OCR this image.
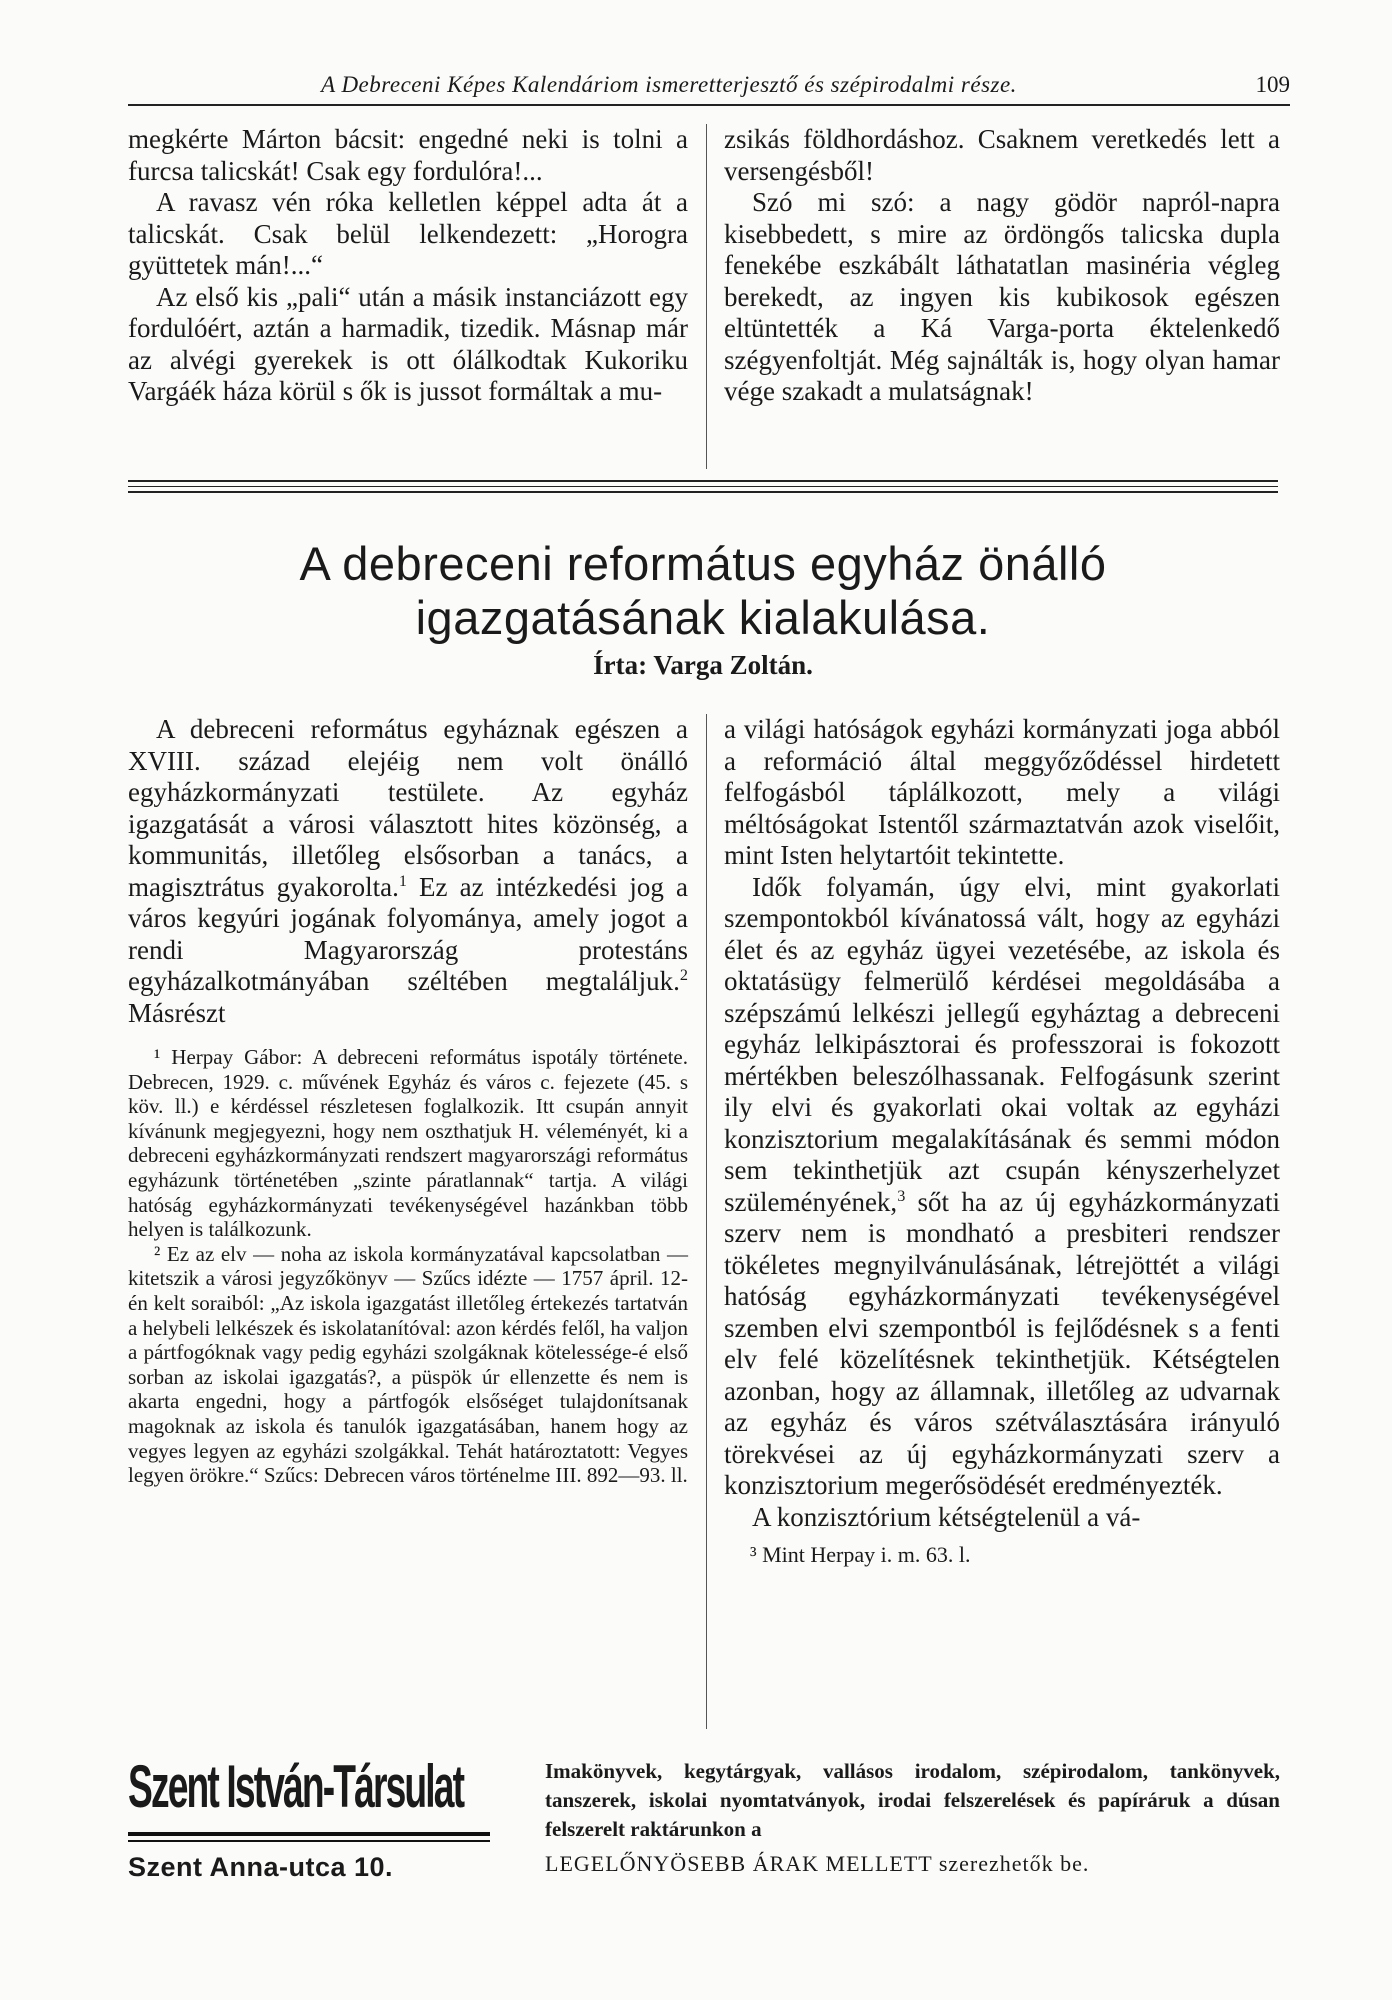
A Debreceni Képes Kalendáriom ismeretterjesztő és szépirodalmi része.	109

megkérte Márton bácsit: engedné neki is tolni a furcsa talicskát! Csak egy fordulóra!...

A ravasz vén róka kelletlen képpel adta át a talicskát. Csak belül lelkendezett: „Horogra gyüttetek mán!...“

Az első kis „pali“ után a másik instanciázott egy fordulóért, aztán a harmadik, tizedik. Másnap már az alvégi gyerekek is ott ólálkodtak Kukoriku Vargáék háza körül s ők is jussot formáltak a mu-

zsikás földhordáshoz. Csaknem veretkedés lett a versengésből!

Szó mi szó: a nagy gödör napról-napra kisebbedett, s mire az ördöngős talicska dupla fenekébe eszkábált láthatatlan masinéria végleg berekedt, az ingyen kis kubikosok egészen eltüntették a Ká Varga-porta éktelenkedő szégyenfoltját. Még sajnálták is, hogy olyan hamar vége szakadt a mulatságnak!

A debreceni református egyház önálló
igazgatásának kialakulása.
Írta: Varga Zoltán.

A debreceni református egyháznak egészen a XVIII. század elejéig nem volt önálló egyházkormányzati testülete. Az egyház igazgatását a városi választott hites közönség, a kommunitás, illetőleg elsősorban a tanács, a magisztrátus gyakorolta.$^1$ Ez az intézkedési jog a város kegyúri jogának folyománya, amely jogot a rendi Magyarország protestáns egyházalkotmányában széltében megtaláljuk.$^2$ Másrészt

¹ Herpay Gábor: A debreceni református ispotály története. Debrecen, 1929. c. művének Egyház és város c. fejezete (45. s köv. ll.) e kérdéssel részletesen foglalkozik. Itt csupán annyit kívánunk megjegyezni, hogy nem oszthatjuk H. véleményét, ki a debreceni egyházkormányzati rendszert magyarországi református egyházunk történetében „szinte páratlannak“ tartja. A világi hatóság egyházkormányzati tevékenységével hazánkban több helyen is találkozunk.

² Ez az elv — noha az iskola kormányzatával kapcsolatban — kitetszik a városi jegyzőkönyv — Szűcs idézte — 1757 ápril. 12-én kelt soraiból: „Az iskola igazgatást illetőleg értekezés tartatván a helybeli lelkészek és iskolatanítóval: azon kérdés felől, ha valjon a pártfogóknak vagy pedig egyházi szolgáknak kötelessége-é első sorban az iskolai igazgatás?, a püspök úr ellenzette és nem is akarta engedni, hogy a pártfogók elsőséget tulajdonítsanak magoknak az iskola és tanulók igazgatásában, hanem hogy az vegyes legyen az egyházi szolgákkal. Tehát határoztatott: Vegyes legyen örökre.“ Szűcs: Debrecen város történelme III. 892—93. ll.

a világi hatóságok egyházi kormányzati joga abból a reformáció által meggyőződéssel hirdetett felfogásból táplálkozott, mely a világi méltóságokat Istentől származtatván azok viselőit, mint Isten helytartóit tekintette.

Idők folyamán, úgy elvi, mint gyakorlati szempontokból kívánatossá vált, hogy az egyházi élet és az egyház ügyei vezetésébe, az iskola és oktatásügy felmerülő kérdései megoldásába a szépszámú lelkészi jellegű egyháztag a debreceni egyház lelkipásztorai és professzorai is fokozott mértékben beleszólhassanak. Felfogásunk szerint ily elvi és gyakorlati okai voltak az egyházi konzisztorium megalakításának és semmi módon sem tekinthetjük azt csupán kényszerhelyzet szüleményének,$^3$ sőt ha az új egyházkormányzati szerv nem is mondható a presbiteri rendszer tökéletes megnyilvánulásának, létrejöttét a világi hatóság egyházkormányzati tevékenységével szemben elvi szempontból is fejlődésnek s a fenti elv felé közelítésnek tekinthetjük. Kétségtelen azonban, hogy az államnak, illetőleg az udvarnak az egyház és város szétválasztására irányuló törekvései az új egyházkormányzati szerv a konzisztorium megerősödését eredményezték.

A konzisztórium kétségtelenül a vá-

³ Mint Herpay i. m. 63. l.

Szent István-Társulat
Szent Anna-utca 10.
Imakönyvek, kegytárgyak, vallásos irodalom, szépirodalom, tankönyvek, tanszerek, iskolai nyomtatványok, irodai felszerelések és papíráruk a dúsan felszerelt raktárunkon a
LEGELŐNYÖSEBB ÁRAK MELLETT szerezhetők be.
